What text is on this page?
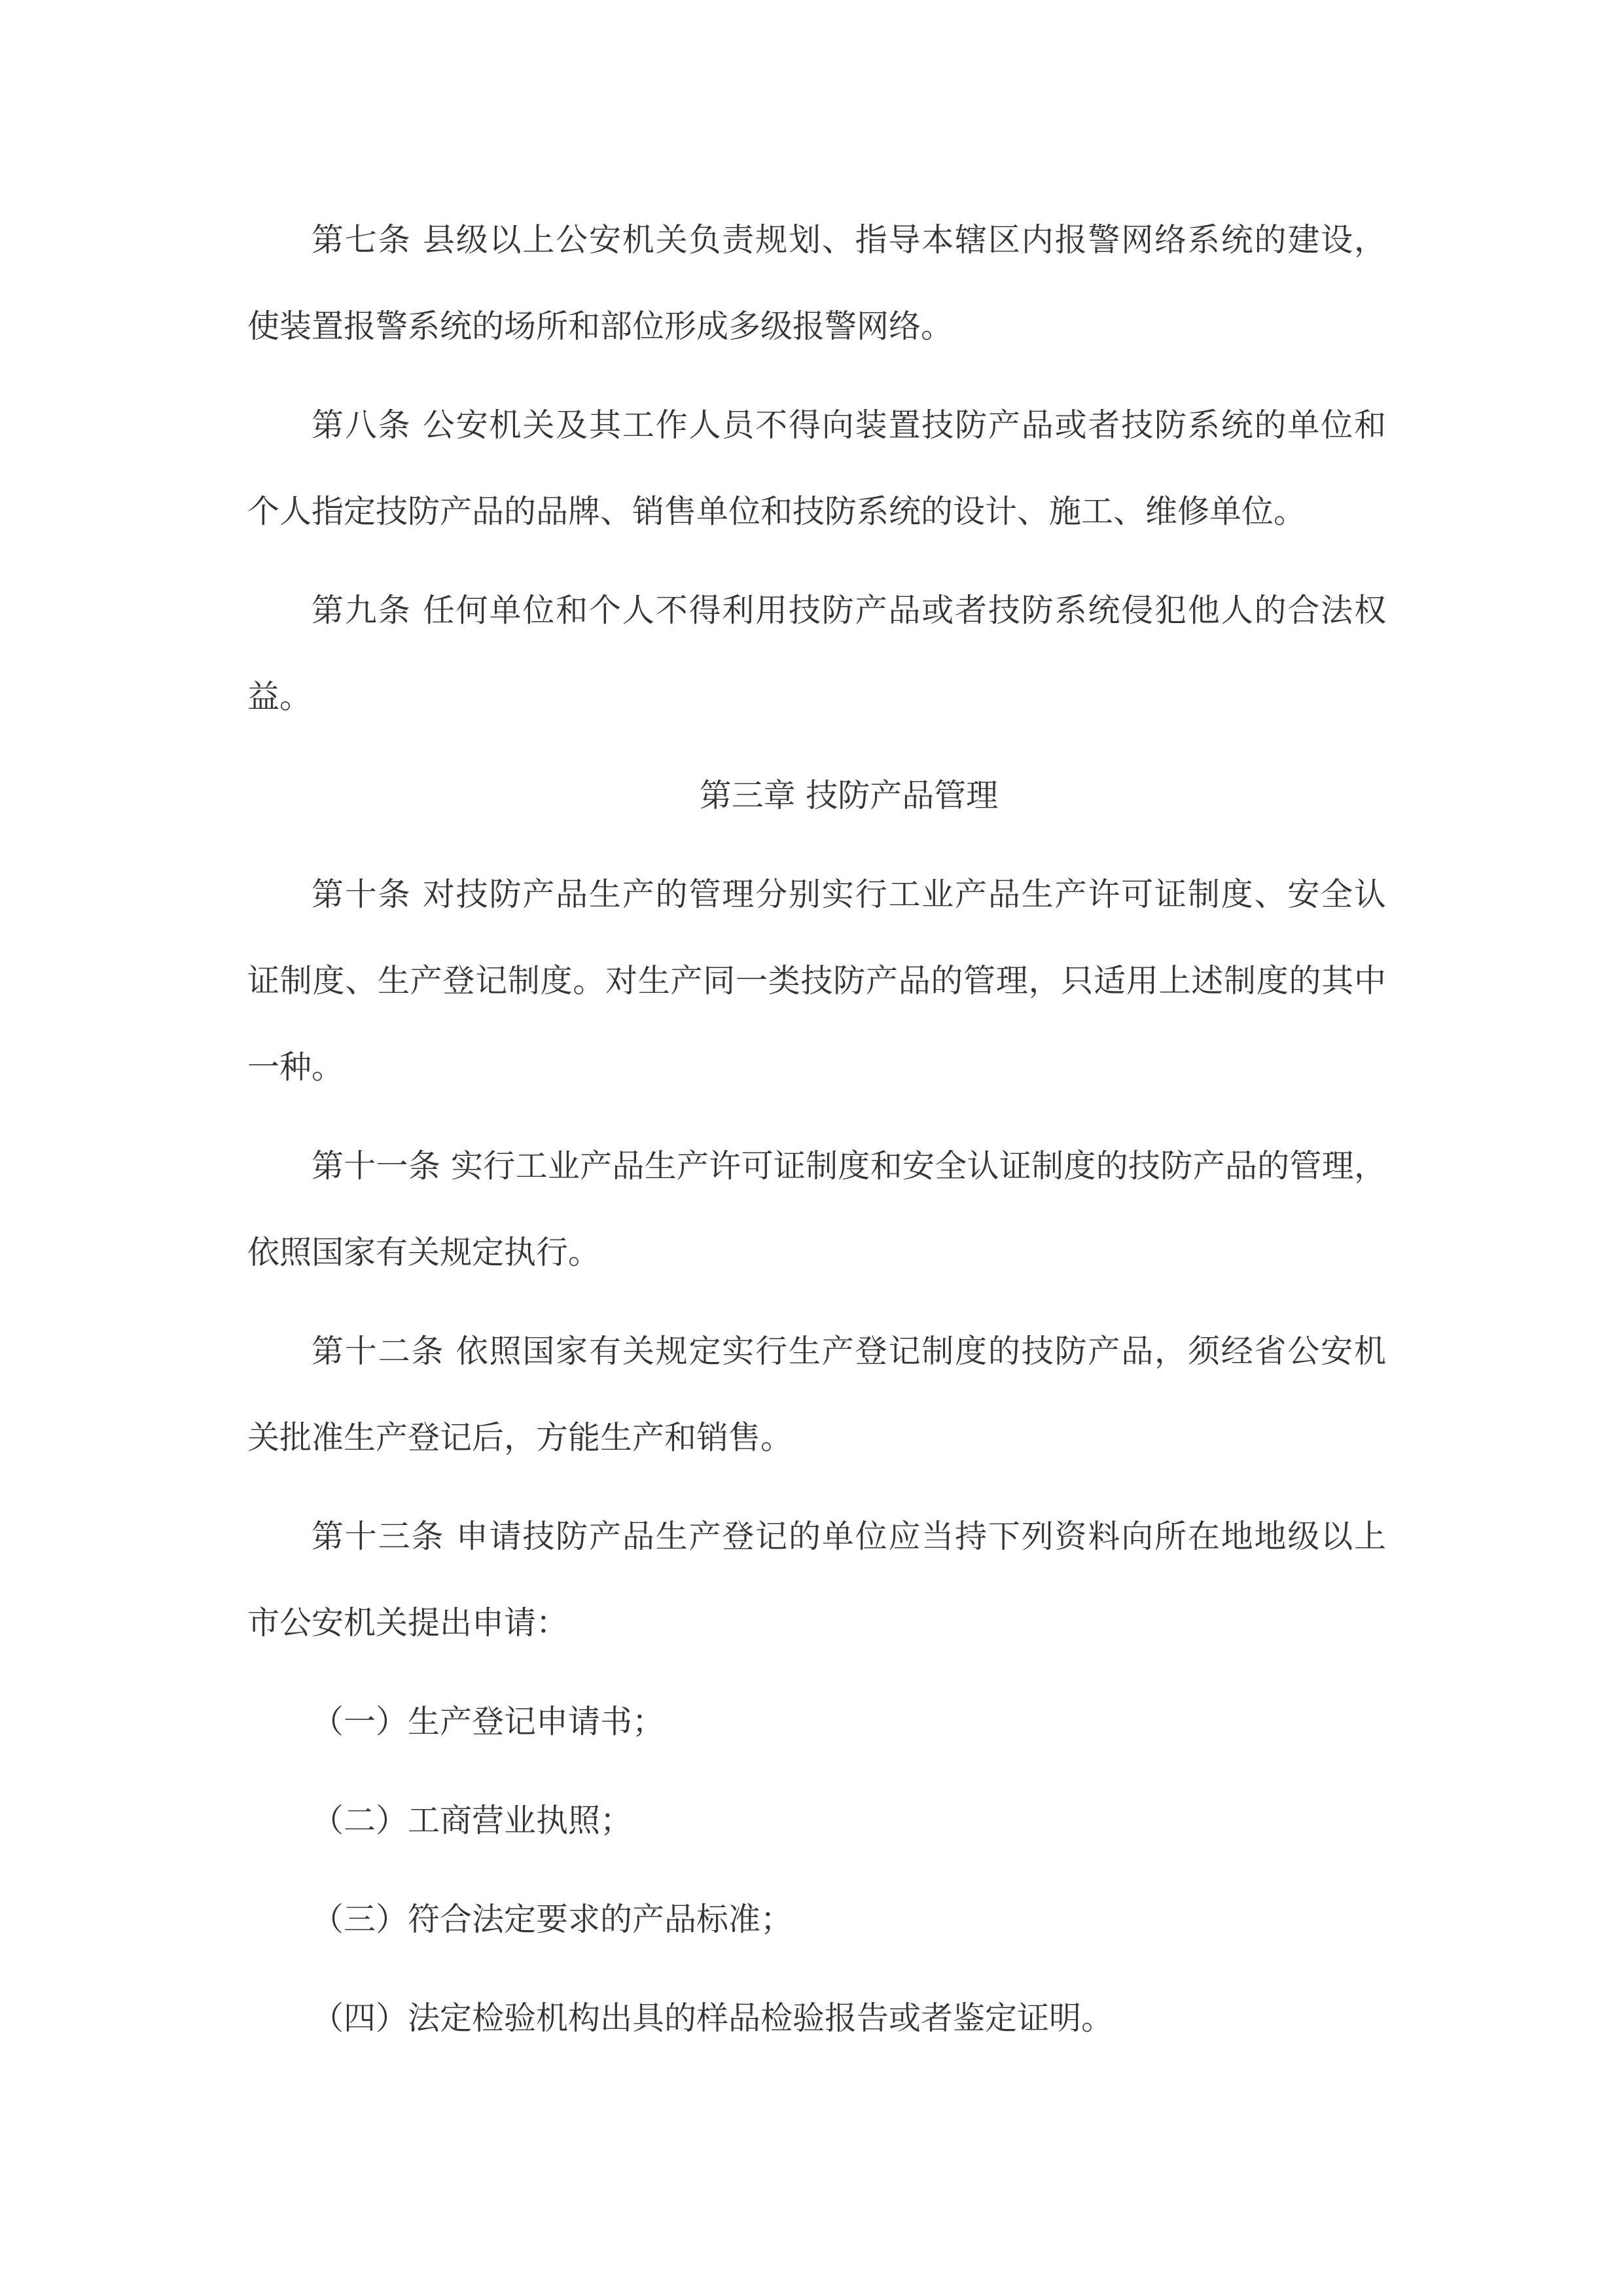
第七条 县级以上公安机关负责规划、指导本辖区内报警网络系统的建设，
使装置报警系统的场所和部位形成多级报警网络。
第八条 公安机关及其工作人员不得向装置技防产品或者技防系统的单位和
个人指定技防产品的品牌、销售单位和技防系统的设计、施工、维修单位。
第九条 任何单位和个人不得利用技防产品或者技防系统侵犯他人的合法权
益。
第三章 技防产品管理
第十条 对技防产品生产的管理分别实行工业产品生产许可证制度、安全认
证制度、生产登记制度。对生产同一类技防产品的管理，只适用上述制度的其中
一种。
第十一条 实行工业产品生产许可证制度和安全认证制度的技防产品的管理，
依照国家有关规定执行。
第十二条 依照国家有关规定实行生产登记制度的技防产品，须经省公安机
关批准生产登记后，方能生产和销售。
第十三条 申请技防产品生产登记的单位应当持下列资料向所在地地级以上
市公安机关提出申请：
（一）生产登记申请书；
（二）工商营业执照；
（三）符合法定要求的产品标准；
（四）法定检验机构出具的样品检验报告或者鉴定证明。
